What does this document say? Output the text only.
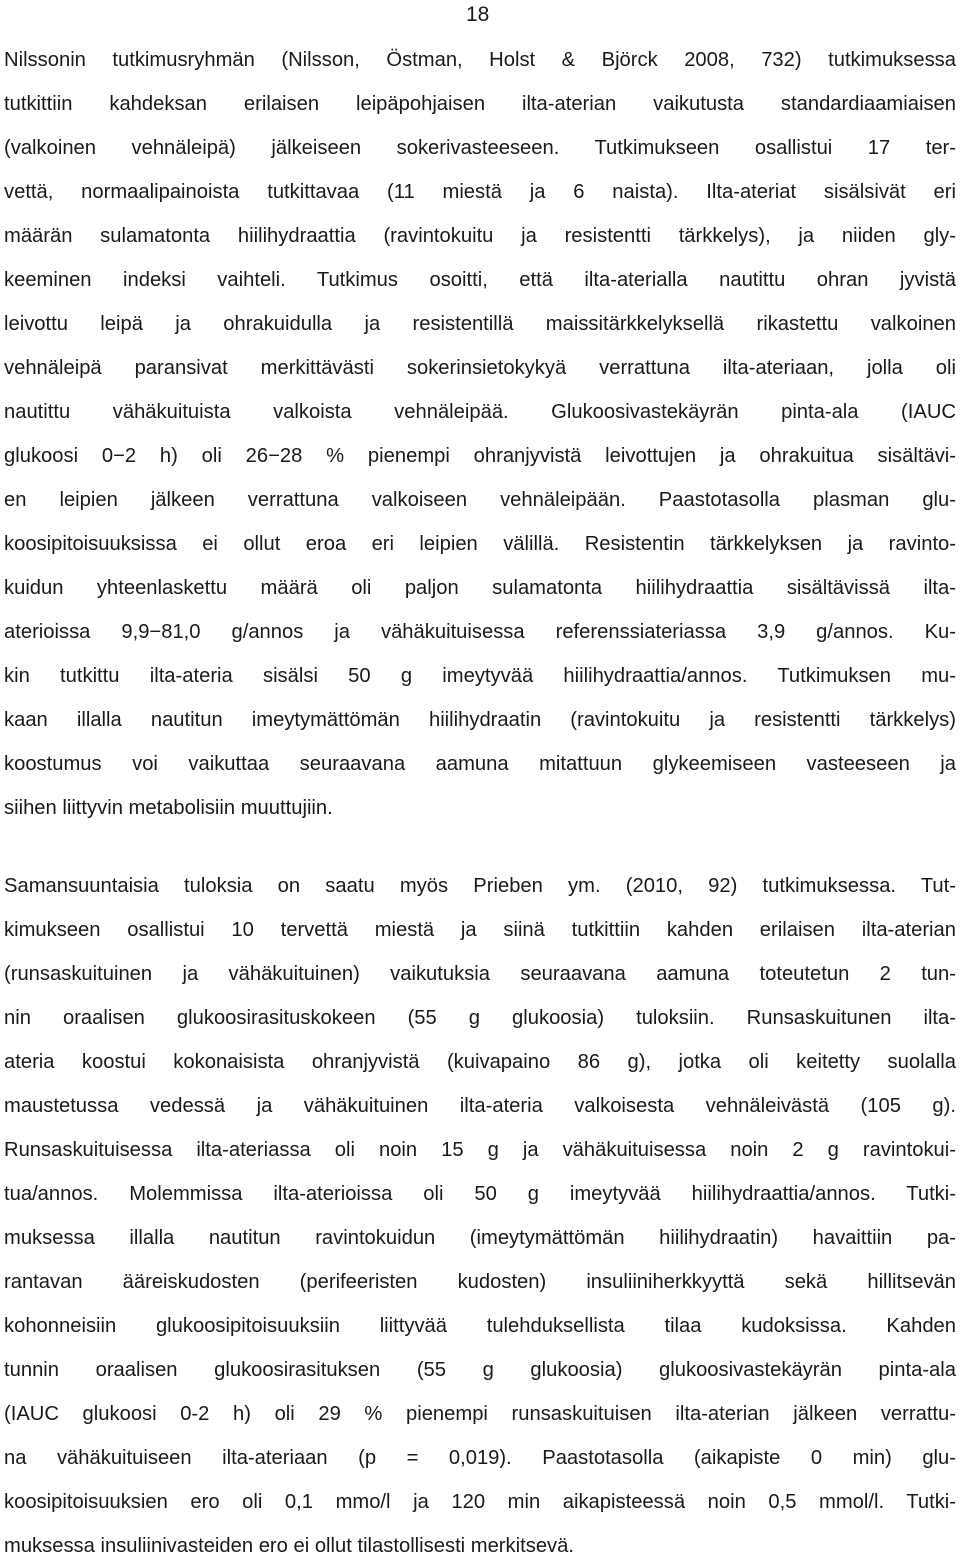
18
Nilssonin tutkimusryhmän (Nilsson, Östman, Holst & Björck 2008, 732) tutkimuksessa
tutkittiin kahdeksan erilaisen leipäpohjaisen ilta-aterian vaikutusta standardiaamiaisen
(valkoinen vehnäleipä) jälkeiseen sokerivasteeseen. Tutkimukseen osallistui 17 ter-
vettä, normaalipainoista tutkittavaa (11 miestä ja 6 naista). Ilta-ateriat sisälsivät eri
määrän sulamatonta hiilihydraattia (ravintokuitu ja resistentti tärkkelys), ja niiden gly-
keeminen indeksi vaihteli. Tutkimus osoitti, että ilta-aterialla nautittu ohran jyvistä
leivottu leipä ja ohrakuidulla ja resistentillä maissitärkkelyksellä rikastettu valkoinen
vehnäleipä paransivat merkittävästi sokerinsietokykyä verrattuna ilta-ateriaan, jolla oli
nautittu vähäkuituista valkoista vehnäleipää. Glukoosivastekäyrän pinta-ala (IAUC
glukoosi 0−2 h) oli 26−28 % pienempi ohranjyvistä leivottujen ja ohrakuitua sisältävi-
en leipien jälkeen verrattuna valkoiseen vehnäleipään. Paastotasolla plasman glu-
koosipitoisuuksissa ei ollut eroa eri leipien välillä. Resistentin tärkkelyksen ja ravinto-
kuidun yhteenlaskettu määrä oli paljon sulamatonta hiilihydraattia sisältävissä ilta-
aterioissa 9,9−81,0 g/annos ja vähäkuituisessa referenssiateriassa 3,9 g/annos. Ku-
kin tutkittu ilta-ateria sisälsi 50 g imeytyvää hiilihydraattia/annos. Tutkimuksen mu-
kaan illalla nautitun imeytymättömän hiilihydraatin (ravintokuitu ja resistentti tärkkelys)
koostumus voi vaikuttaa seuraavana aamuna mitattuun glykeemiseen vasteeseen ja
siihen liittyvin metabolisiin muuttujiin.
Samansuuntaisia tuloksia on saatu myös Prieben ym. (2010, 92) tutkimuksessa. Tut-
kimukseen osallistui 10 tervettä miestä ja siinä tutkittiin kahden erilaisen ilta-aterian
(runsaskuituinen ja vähäkuituinen) vaikutuksia seuraavana aamuna toteutetun 2 tun-
nin oraalisen glukoosirasituskokeen (55 g glukoosia) tuloksiin. Runsaskuitunen ilta-
ateria koostui kokonaisista ohranjyvistä (kuivapaino 86 g), jotka oli keitetty suolalla
maustetussa vedessä ja vähäkuituinen ilta-ateria valkoisesta vehnäleivästä (105 g).
Runsaskuituisessa ilta-ateriassa oli noin 15 g ja vähäkuituisessa noin 2 g ravintokui-
tua/annos. Molemmissa ilta-aterioissa oli 50 g imeytyvää hiilihydraattia/annos. Tutki-
muksessa illalla nautitun ravintokuidun (imeytymättömän hiilihydraatin) havaittiin pa-
rantavan ääreiskudosten (perifeeristen kudosten) insuliiniherkkyyttä sekä hillitsevän
kohonneisiin glukoosipitoisuuksiin liittyvää tulehduksellista tilaa kudoksissa. Kahden
tunnin oraalisen glukoosirasituksen (55 g glukoosia) glukoosivastekäyrän pinta-ala
(IAUC glukoosi 0-2 h) oli 29 % pienempi runsaskuituisen ilta-aterian jälkeen verrattu-
na vähäkuituiseen ilta-ateriaan (p = 0,019). Paastotasolla (aikapiste 0 min) glu-
koosipitoisuuksien ero oli 0,1 mmo/l ja 120 min aikapisteessä noin 0,5 mmol/l. Tutki-
muksessa insuliinivasteiden ero ei ollut tilastollisesti merkitsevä.
